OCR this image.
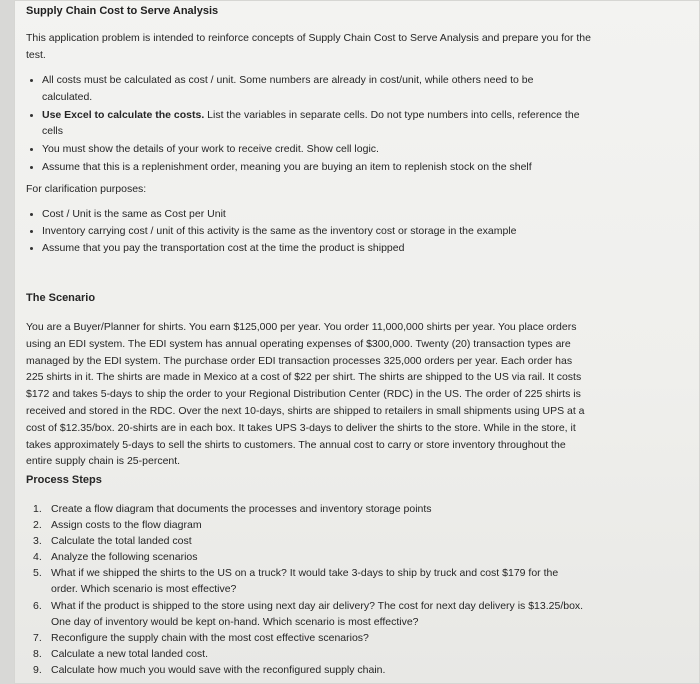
Supply Chain Cost to Serve Analysis

This application problem is intended to reinforce concepts of Supply Chain Cost to Serve Analysis and prepare you for the test.

All costs must be calculated as cost / unit. Some numbers are already in cost/unit, while others need to be calculated.
Use Excel to calculate the costs. List the variables in separate cells. Do not type numbers into cells, reference the cells
You must show the details of your work to receive credit. Show cell logic.
Assume that this is a replenishment order, meaning you are buying an item to replenish stock on the shelf

For clarification purposes:

Cost / Unit is the same as Cost per Unit
Inventory carrying cost / unit of this activity is the same as the inventory cost or storage in the example
Assume that you pay the transportation cost at the time the product is shipped
The Scenario

You are a Buyer/Planner for shirts. You earn $125,000 per year. You order 11,000,000 shirts per year. You place orders using an EDI system. The EDI system has annual operating expenses of $300,000. Twenty (20) transaction types are managed by the EDI system. The purchase order EDI transaction processes 325,000 orders per year. Each order has 225 shirts in it. The shirts are made in Mexico at a cost of $22 per shirt. The shirts are shipped to the US via rail. It costs $172 and takes 5-days to ship the order to your Regional Distribution Center (RDC) in the US. The order of 225 shirts is received and stored in the RDC. Over the next 10-days, shirts are shipped to retailers in small shipments using UPS at a cost of $12.35/box. 20-shirts are in each box. It takes UPS 3-days to deliver the shirts to the store. While in the store, it takes approximately 5-days to sell the shirts to customers. The annual cost to carry or store inventory throughout the entire supply chain is 25-percent.

Process Steps
1. Create a flow diagram that documents the processes and inventory storage points
2. Assign costs to the flow diagram
3. Calculate the total landed cost
4. Analyze the following scenarios
5. What if we shipped the shirts to the US on a truck? It would take 3-days to ship by truck and cost $179 for the order. Which scenario is most effective?
6. What if the product is shipped to the store using next day air delivery? The cost for next day delivery is $13.25/box. One day of inventory would be kept on-hand. Which scenario is most effective?
7. Reconfigure the supply chain with the most cost effective scenarios?
8. Calculate a new total landed cost.
9. Calculate how much you would save with the reconfigured supply chain.
